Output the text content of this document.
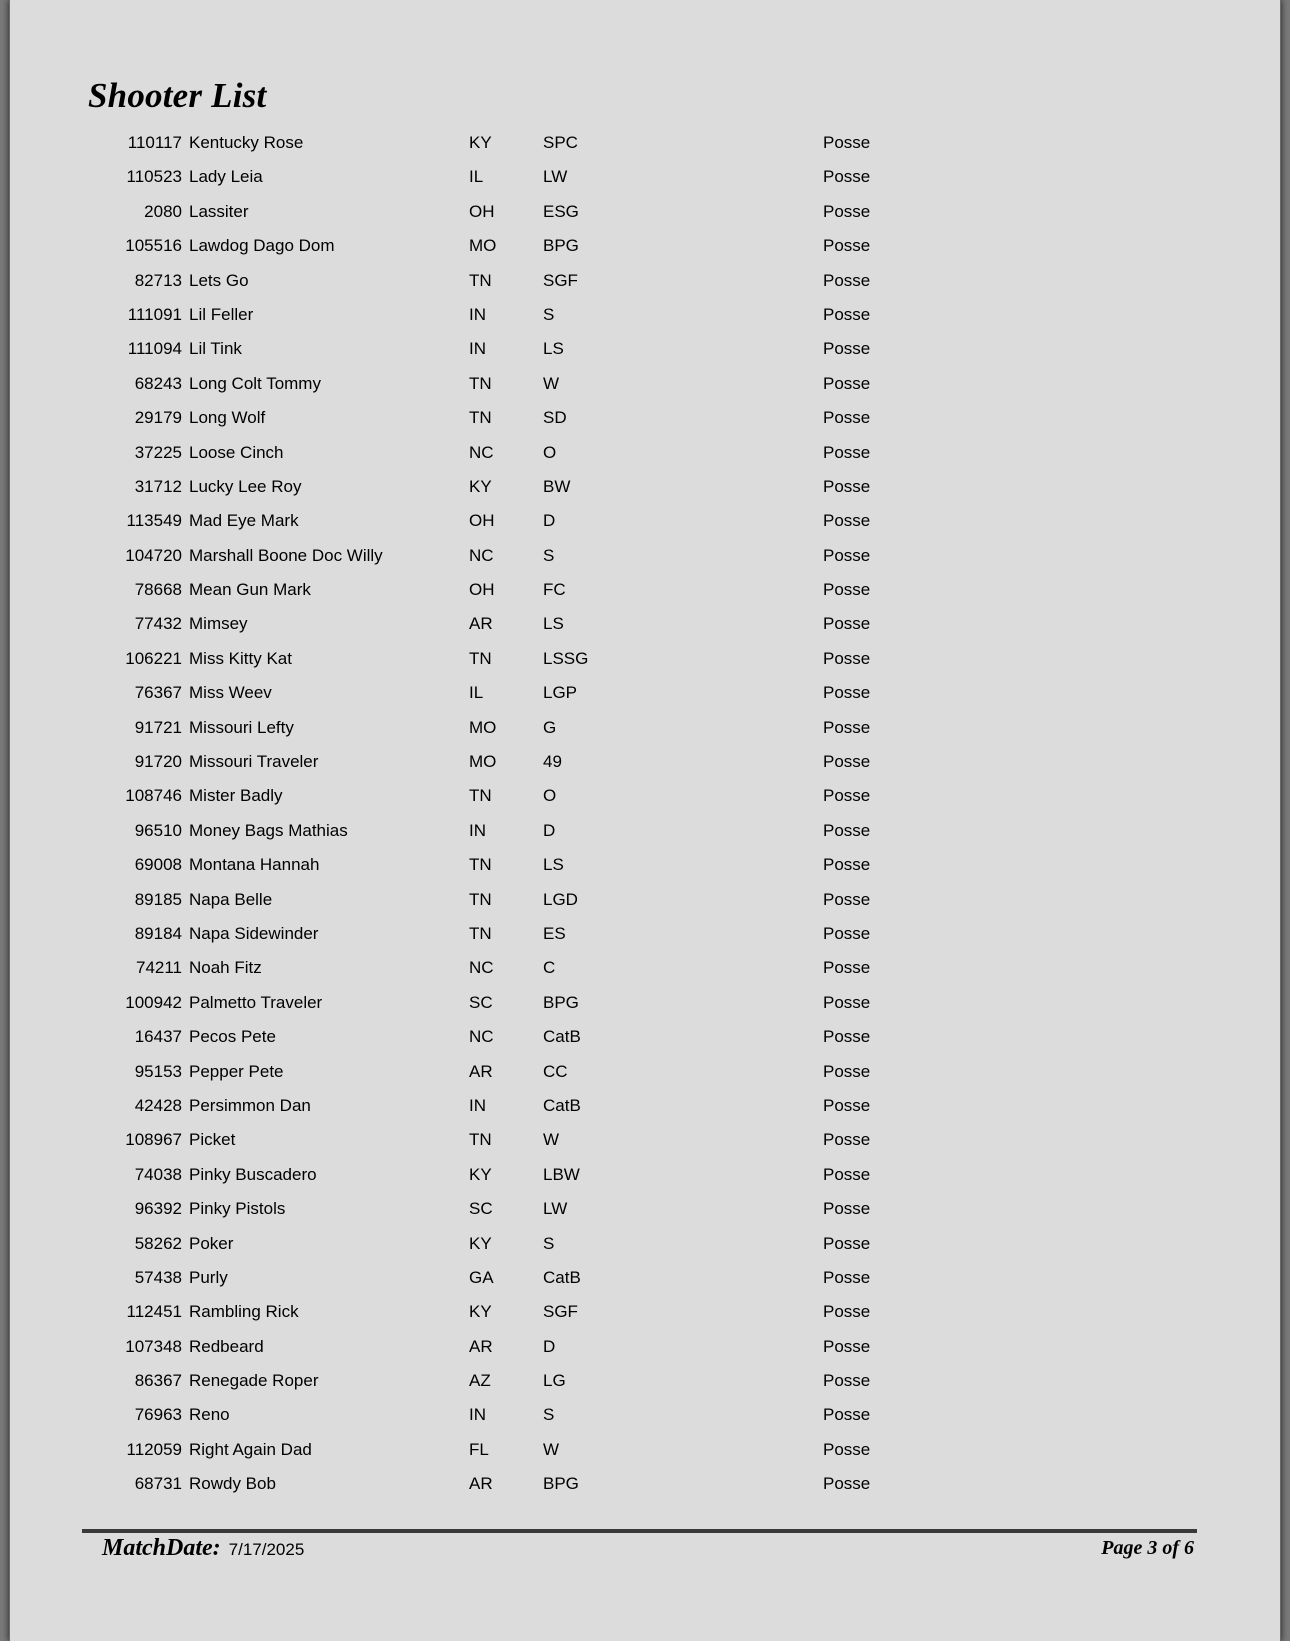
Shooter List
110117 Kentucky Rose	KY	SPC	Posse
110523 Lady Leia	IL	LW	Posse
2080 Lassiter	OH	ESG	Posse
105516 Lawdog Dago Dom	MO	BPG	Posse
82713 Lets Go	TN	SGF	Posse
111091 Lil Feller	IN	S	Posse
111094 Lil Tink	IN	LS	Posse
68243 Long Colt Tommy	TN	W	Posse
29179 Long Wolf	TN	SD	Posse
37225 Loose Cinch	NC	O	Posse
31712 Lucky Lee Roy	KY	BW	Posse
113549 Mad Eye Mark	OH	D	Posse
104720 Marshall Boone Doc Willy	NC	S	Posse
78668 Mean Gun Mark	OH	FC	Posse
77432 Mimsey	AR	LS	Posse
106221 Miss Kitty Kat	TN	LSSG	Posse
76367 Miss Weev	IL	LGP	Posse
91721 Missouri Lefty	MO	G	Posse
91720 Missouri Traveler	MO	49	Posse
108746 Mister Badly	TN	O	Posse
96510 Money Bags Mathias	IN	D	Posse
69008 Montana Hannah	TN	LS	Posse
89185 Napa Belle	TN	LGD	Posse
89184 Napa Sidewinder	TN	ES	Posse
74211 Noah Fitz	NC	C	Posse
100942 Palmetto Traveler	SC	BPG	Posse
16437 Pecos Pete	NC	CatB	Posse
95153 Pepper Pete	AR	CC	Posse
42428 Persimmon Dan	IN	CatB	Posse
108967 Picket	TN	W	Posse
74038 Pinky Buscadero	KY	LBW	Posse
96392 Pinky Pistols	SC	LW	Posse
58262 Poker	KY	S	Posse
57438 Purly	GA	CatB	Posse
112451 Rambling Rick	KY	SGF	Posse
107348 Redbeard	AR	D	Posse
86367 Renegade Roper	AZ	LG	Posse
76963 Reno	IN	S	Posse
112059 Right Again Dad	FL	W	Posse
68731 Rowdy Bob	AR	BPG	Posse
MatchDate: 7/17/2025	Page 3 of 6
